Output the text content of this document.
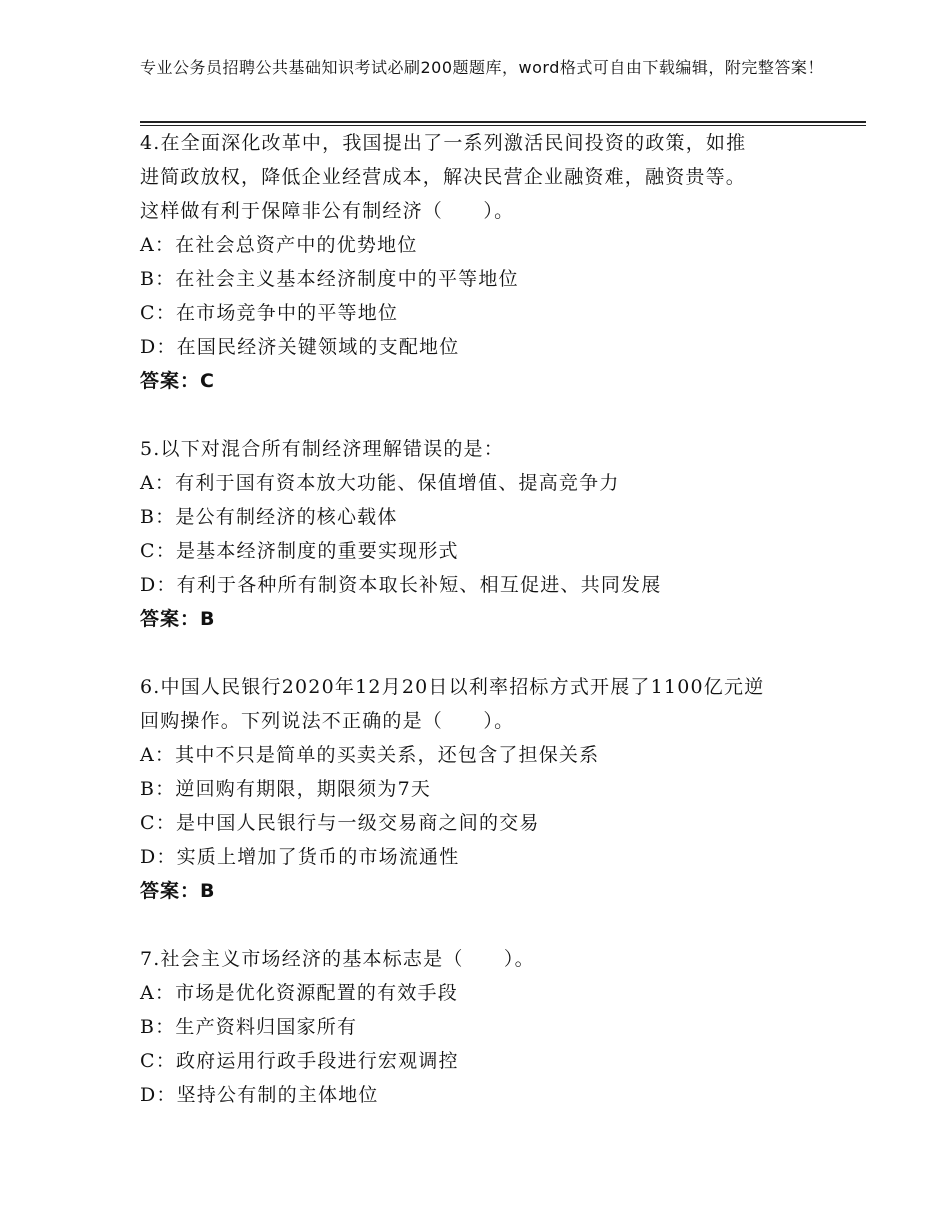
专业公务员招聘公共基础知识考试必刷200题题库，word格式可自由下载编辑，附完整答案！

4.在全面深化改革中，我国提出了一系列激活民间投资的政策，如推

进简政放权，降低企业经营成本，解决民营企业融资难，融资贵等。

这样做有利于保障非公有制经济（　　）。

A：在社会总资产中的优势地位

B：在社会主义基本经济制度中的平等地位

C：在市场竞争中的平等地位

D：在国民经济关键领域的支配地位

答案：C

5.以下对混合所有制经济理解错误的是：

A：有利于国有资本放大功能、保值增值、提高竞争力

B：是公有制经济的核心载体

C：是基本经济制度的重要实现形式

D：有利于各种所有制资本取长补短、相互促进、共同发展

答案：B

6.中国人民银行2020年12月20日以利率招标方式开展了1100亿元逆

回购操作。下列说法不正确的是（　　）。

A：其中不只是简单的买卖关系，还包含了担保关系

B：逆回购有期限，期限须为7天

C：是中国人民银行与一级交易商之间的交易

D：实质上增加了货币的市场流通性

答案：B

7.社会主义市场经济的基本标志是（　　）。

A：市场是优化资源配置的有效手段

B：生产资料归国家所有

C：政府运用行政手段进行宏观调控

D：坚持公有制的主体地位
